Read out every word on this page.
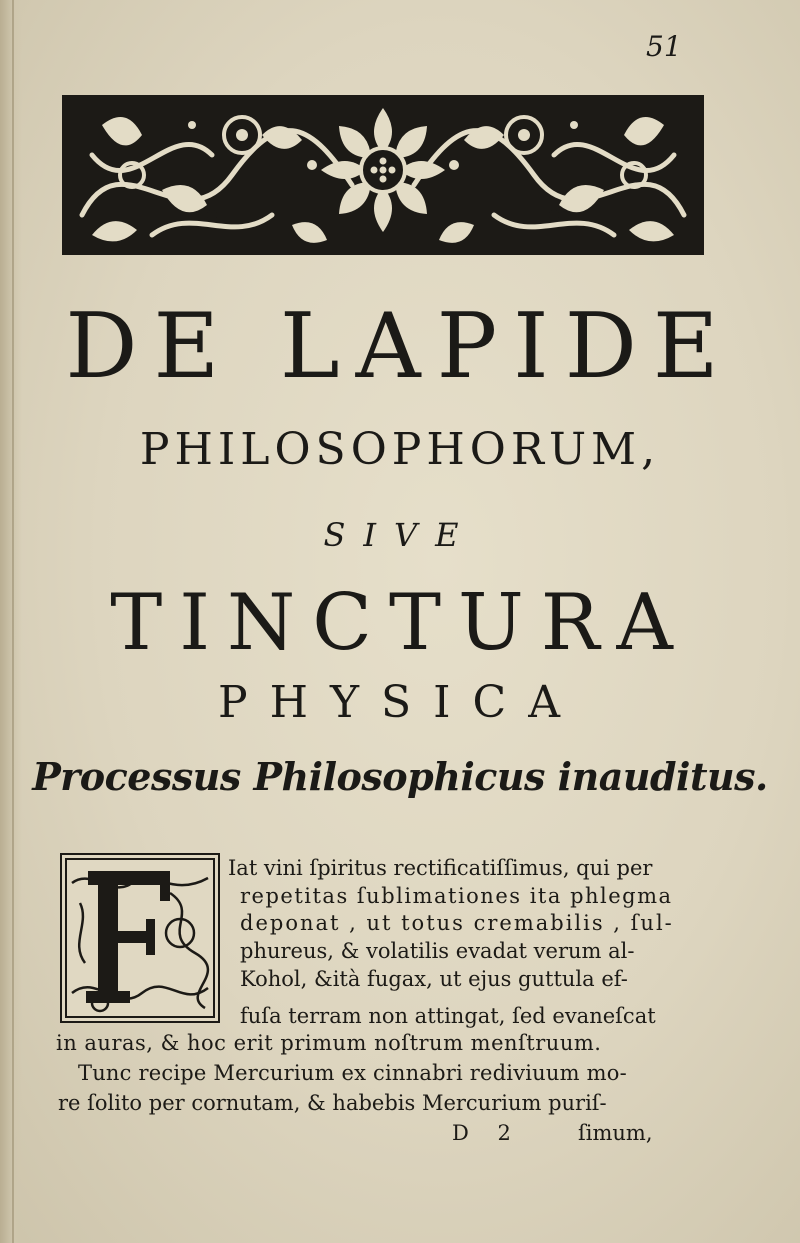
51
DE LAPIDE
PHILOSOPHORUM,
SIVE
TINCTURA
PHYSICA
Processus Philosophicus inauditus.
Iat vini ſpiritus rectificatiſſimus, qui per
repetitas ſublimationes ita phlegma
deponat , ut totus cremabilis , ſul-
phureus, & volatilis evadat verum al-
Kohol, &ità fugax, ut ejus guttula ef-
fuſa terram non attingat, ſed evaneſcat
in auras, & hoc erit primum noſtrum menſtruum.
Tunc recipe Mercurium ex cinnabri rediviuum mo-
re ſolito per cornutam, & habebis Mercurium puriſ-
D 2	ſimum,
